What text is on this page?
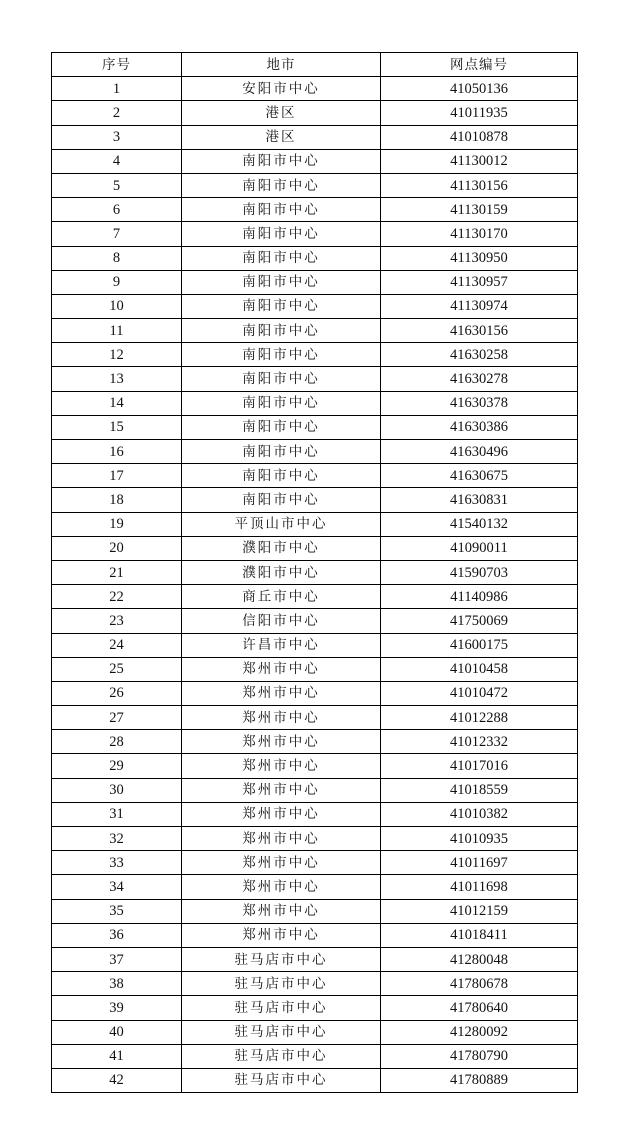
序号	地市	网点编号
1	安阳市中心	41050136
2	港区	41011935
3	港区	41010878
4	南阳市中心	41130012
5	南阳市中心	41130156
6	南阳市中心	41130159
7	南阳市中心	41130170
8	南阳市中心	41130950
9	南阳市中心	41130957
10	南阳市中心	41130974
11	南阳市中心	41630156
12	南阳市中心	41630258
13	南阳市中心	41630278
14	南阳市中心	41630378
15	南阳市中心	41630386
16	南阳市中心	41630496
17	南阳市中心	41630675
18	南阳市中心	41630831
19	平顶山市中心	41540132
20	濮阳市中心	41090011
21	濮阳市中心	41590703
22	商丘市中心	41140986
23	信阳市中心	41750069
24	许昌市中心	41600175
25	郑州市中心	41010458
26	郑州市中心	41010472
27	郑州市中心	41012288
28	郑州市中心	41012332
29	郑州市中心	41017016
30	郑州市中心	41018559
31	郑州市中心	41010382
32	郑州市中心	41010935
33	郑州市中心	41011697
34	郑州市中心	41011698
35	郑州市中心	41012159
36	郑州市中心	41018411
37	驻马店市中心	41280048
38	驻马店市中心	41780678
39	驻马店市中心	41780640
40	驻马店市中心	41280092
41	驻马店市中心	41780790
42	驻马店市中心	41780889
